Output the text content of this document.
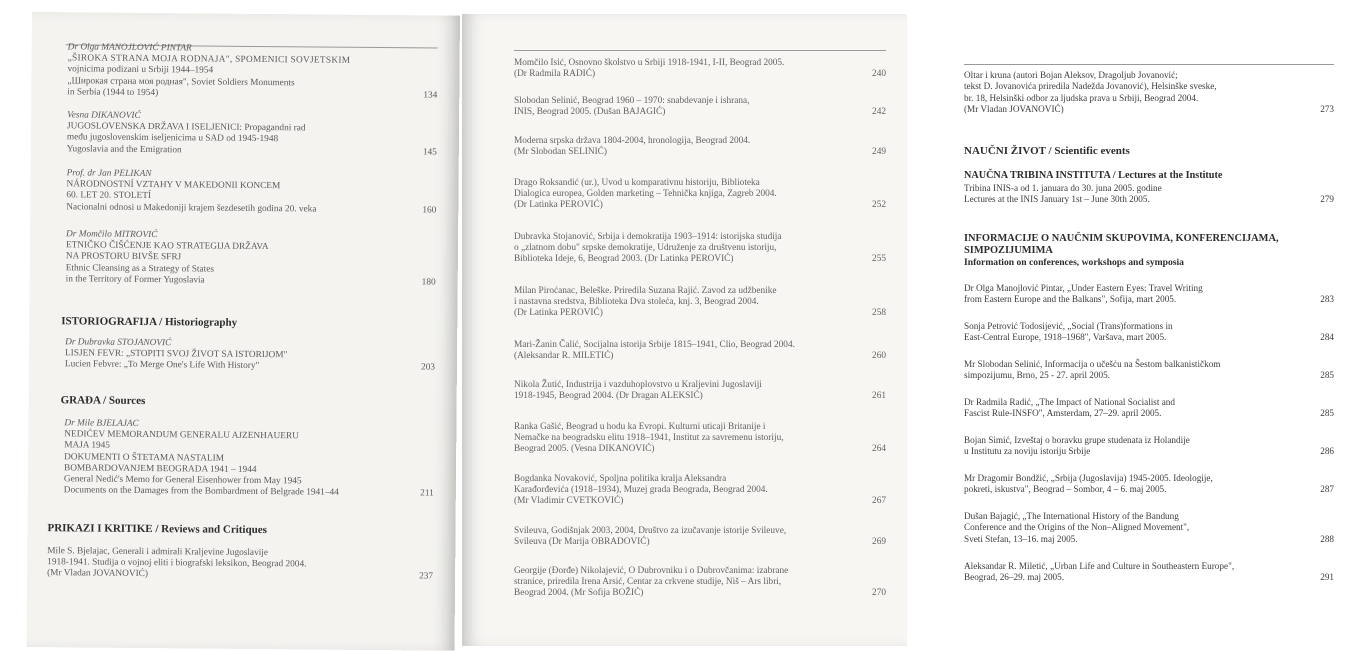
Dr Olga MANOJLOVIĆ PINTAR
„ŠIROKA STRANA MOJA RODNAJA", SPOMENICI SOVJETSKIM
vojnicima podizani u Srbiji 1944–1954
„Широкая страна моя родная", Soviet Soldiers Monuments
in Serbia (1944 to 1954)	134
Vesna DIKANOVIĆ
JUGOSLOVENSKA DRŽAVA I ISELJENICI: Propagandni rad
među jugoslovenskim iseljenicima u SAD od 1945-1948
Yugoslavia and the Emigration	145
Prof. dr Jan PELIKAN
NÁRODNOSTNÍ VZTAHY V MAKEDONII KONCEM
60. LET 20. STOLETÍ
Nacionalni odnosi u Makedoniji krajem šezdesetih godina 20. veka	160
Dr Momčilo MITROVIĆ
ETNIČKO ČIŠĆENJE KAO STRATEGIJA DRŽAVA
NA PROSTORU BIVŠE SFRJ
Ethnic Cleansing as a Strategy of States
in the Territory of Former Yugoslavia	180
ISTORIOGRAFIJA / Historiography
Dr Dubravka STOJANOVIĆ
LISJEN FEVR: „STOPITI SVOJ ŽIVOT SA ISTORIJOM"
Lucien Febvre: „To Merge One's Life With History"	203
GRAĐA / Sources
Dr Mile BJELAJAC
NEDIĆEV MEMORANDUM GENERALU AJZENHAUERU
MAJA 1945
DOKUMENTI O ŠTETAMA NASTALIM
BOMBARDOVANJEM BEOGRADA 1941 – 1944
General Nedić's Memo for General Eisenhower from May 1945
Documents on the Damages from the Bombardment of Belgrade 1941–44	211
PRIKAZI I KRITIKE / Reviews and Critiques
Mile S. Bjelajac, Generali i admirali Kraljevine Jugoslavije
1918-1941. Studija o vojnoj eliti i biografski leksikon, Beograd 2004.
(Mr Vladan JOVANOVIĆ)	237
Momčilo Isić, Osnovno školstvo u Srbiji 1918-1941, I-II, Beograd 2005.
(Dr Radmila RADIĆ)	240
Slobodan Selinić, Beograd 1960 – 1970: snabdevanje i ishrana,
INIS, Beograd 2005. (Dušan BAJAGIĆ)	242
Moderna srpska država 1804-2004, hronologija, Beograd 2004.
(Mr Slobodan SELINIĆ)	249
Drago Roksandić (ur.), Uvod u komparativnu historiju, Biblioteka
Dialogica europea, Golden marketing – Tehnička knjiga, Zagreb 2004.
(Dr Latinka PEROVIĆ)	252
Dubravka Stojanović, Srbija i demokratija 1903–1914: istorijska studija
o „zlatnom dobu" srpske demokratije, Udruženje za društvenu istoriju,
Biblioteka Ideje, 6, Beograd 2003. (Dr Latinka PEROVIĆ)	255
Milan Piroćanac, Beleške. Priredila Suzana Rajić. Zavod za udžbenike
i nastavna sredstva, Biblioteka Dva stoleća, knj. 3, Beograd 2004.
(Dr Latinka PEROVIĆ)	258
Mari-Žanin Čalić, Socijalna istorija Srbije 1815–1941, Clio, Beograd 2004.
(Aleksandar R. MILETIĆ)	260
Nikola Žutić, Industrija i vazduhoplovstvo u Kraljevini Jugoslaviji
1918-1945, Beograd 2004. (Dr Dragan ALEKSIĆ)	261
Ranka Gašić, Beograd u hodu ka Evropi. Kulturni uticaji Britanije i
Nemačke na beogradsku elitu 1918–1941, Institut za savremenu istoriju,
Beograd 2005. (Vesna DIKANOVIĆ)	264
Bogdanka Novaković, Spoljna politika kralja Aleksandra
Karađorđevića (1918–1934), Muzej grada Beograda, Beograd 2004.
(Mr Vladimir CVETKOVIĆ)	267
Svileuva, Godišnjak 2003, 2004, Društvo za izučavanje istorije Svileuve,
Svileuva (Dr Marija OBRADOVIĆ)	269
Georgije (Đorđe) Nikolajević, O Dubrovniku i o Dubrovčanima: izabrane
stranice, priredila Irena Arsić, Centar za crkvene studije, Niš – Ars libri,
Beograd 2004. (Mr Sofija BOŽIĆ)	270
Oltar i kruna (autori Bojan Aleksov, Dragoljub Jovanović;
tekst D. Jovanovića priredila Nadežda Jovanović), Helsinške sveske,
br. 18, Helsinški odbor za ljudska prava u Srbiji, Beograd 2004.
(Mr Vladan JOVANOVIĆ)	273
NAUČNI ŽIVOT / Scientific events
NAUČNA TRIBINA INSTITUTA / Lectures at the Institute
Tribina INIS-a od 1. januara do 30. juna 2005. godine
Lectures at the INIS January 1st – June 30th 2005.	279
INFORMACIJE O NAUČNIM SKUPOVIMA, KONFERENCIJAMA,
SIMPOZIJUMIMA
Information on conferences, workshops and symposia
Dr Olga Manojlović Pintar, „Under Eastern Eyes: Travel Writing
from Eastern Europe and the Balkans", Sofija, mart 2005.	283
Sonja Petrović Todosijević, „Social (Trans)formations in
East-Central Europe, 1918–1968", Varšava, mart 2005.	284
Mr Slobodan Selinić, Informacija o učešću na Šestom balkanističkom
simpozijumu, Brno, 25 - 27. april 2005.	285
Dr Radmila Radić, „The Impact of National Socialist and
Fascist Rule-INSFO", Amsterdam, 27–29. april 2005.	285
Bojan Simić, Izveštaj o boravku grupe studenata iz Holandije
u Institutu za noviju istoriju Srbije	286
Mr Dragomir Bondžić, „Srbija (Jugoslavija) 1945-2005. Ideologije,
pokreti, iskustva", Beograd – Sombor, 4 – 6. maj 2005.	287
Dušan Bajagić, „The International History of the Bandung
Conference and the Origins of the Non–Aligned Movement",
Sveti Stefan, 13–16. maj 2005.	288
Aleksandar R. Miletić, „Urban Life and Culture in Southeastern Europe",
Beograd, 26–29. maj 2005.	291
